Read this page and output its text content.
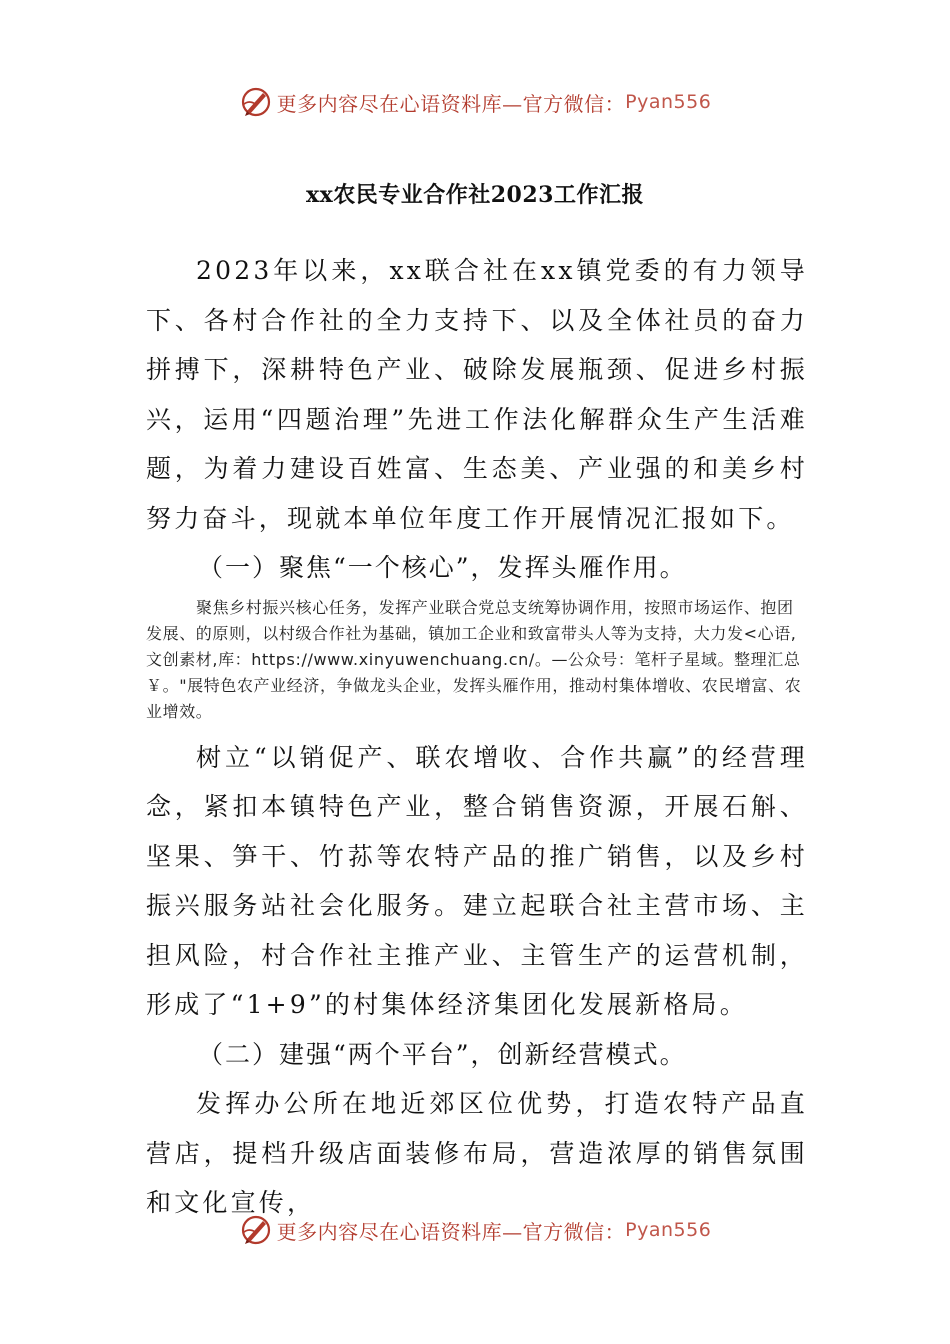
更多内容尽在心语资料库—官方微信： Pyan556
xx农民专业合作社2023工作汇报

2023年以来，xx联合社在xx镇党委的有力领导下、各村合作社的全力支持下、以及全体社员的奋力拼搏下，深耕特色产业、破除发展瓶颈、促进乡村振兴，运用“四题治理”先进工作法化解群众生产生活难题，为着力建设百姓富、生态美、产业强的和美乡村努力奋斗，现就本单位年度工作开展情况汇报如下。

（一）聚焦“一个核心”，发挥头雁作用。

聚焦乡村振兴核心任务，发挥产业联合党总支统筹协调作用，按照市场运作、抱团发展、的原则，以村级合作社为基础，镇加工企业和致富带头人等为支持，大力发<心语,文创素材,库：https://www.xinyuwenchuang.cn/。—公众号：笔杆子星域。整理汇总￥。"展特色农产业经济，争做龙头企业，发挥头雁作用，推动村集体增收、农民增富、农业增效。

树立“以销促产、联农增收、合作共赢”的经营理念，紧扣本镇特色产业，整合销售资源，开展石斛、坚果、笋干、竹荪等农特产品的推广销售，以及乡村振兴服务站社会化服务。建立起联合社主营市场、主担风险，村合作社主推产业、主管生产的运营机制，形成了“1+9”的村集体经济集团化发展新格局。

（二）建强“两个平台”，创新经营模式。

发挥办公所在地近郊区位优势，打造农特产品直营店，提档升级店面装修布局，营造浓厚的销售氛围和文化宣传，

更多内容尽在心语资料库—官方微信： Pyan556
